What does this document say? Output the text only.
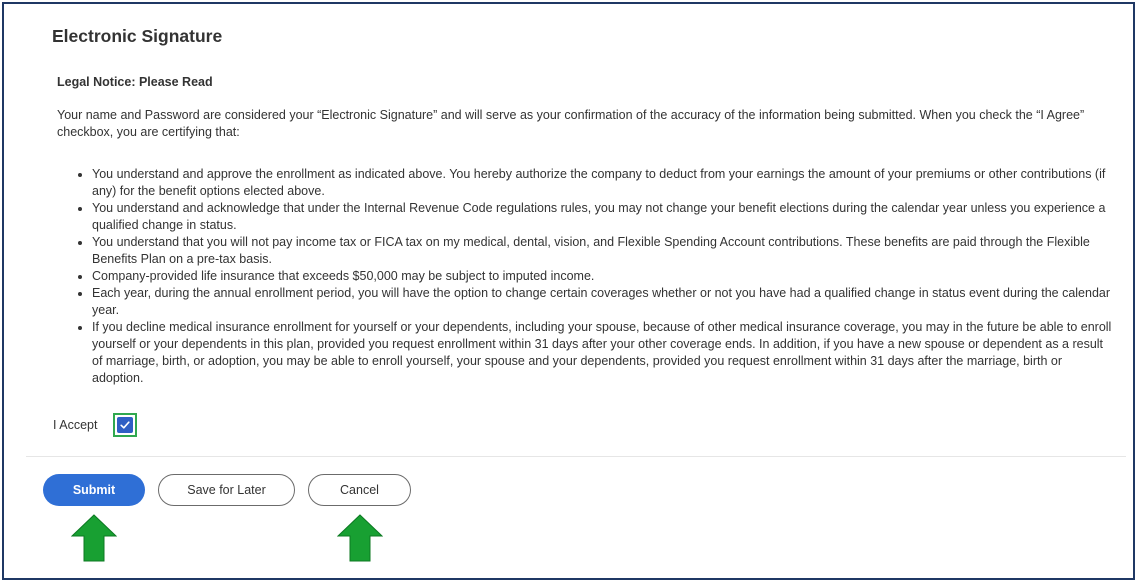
Electronic Signature

Legal Notice: Please Read

Your name and Password are considered your “Electronic Signature” and will serve as your confirmation of the accuracy of the information being submitted. When you check the “I Agree” checkbox, you are certifying that:

• You understand and approve the enrollment as indicated above. You hereby authorize the company to deduct from your earnings the amount of your premiums or other contributions (if any) for the benefit options elected above.
• You understand and acknowledge that under the Internal Revenue Code regulations rules, you may not change your benefit elections during the calendar year unless you experience a qualified change in status.
• You understand that you will not pay income tax or FICA tax on my medical, dental, vision, and Flexible Spending Account contributions. These benefits are paid through the Flexible Benefits Plan on a pre-tax basis.
• Company-provided life insurance that exceeds $50,000 may be subject to imputed income.
• Each year, during the annual enrollment period, you will have the option to change certain coverages whether or not you have had a qualified change in status event during the calendar year.
• If you decline medical insurance enrollment for yourself or your dependents, including your spouse, because of other medical insurance coverage, you may in the future be able to enroll yourself or your dependents in this plan, provided you request enrollment within 31 days after your other coverage ends. In addition, if you have a new spouse or dependent as a result of marriage, birth, or adoption, you may be able to enroll yourself, your spouse and your dependents, provided you request enrollment within 31 days after the marriage, birth or adoption.
I Accept
Submit	Save for Later	Cancel
